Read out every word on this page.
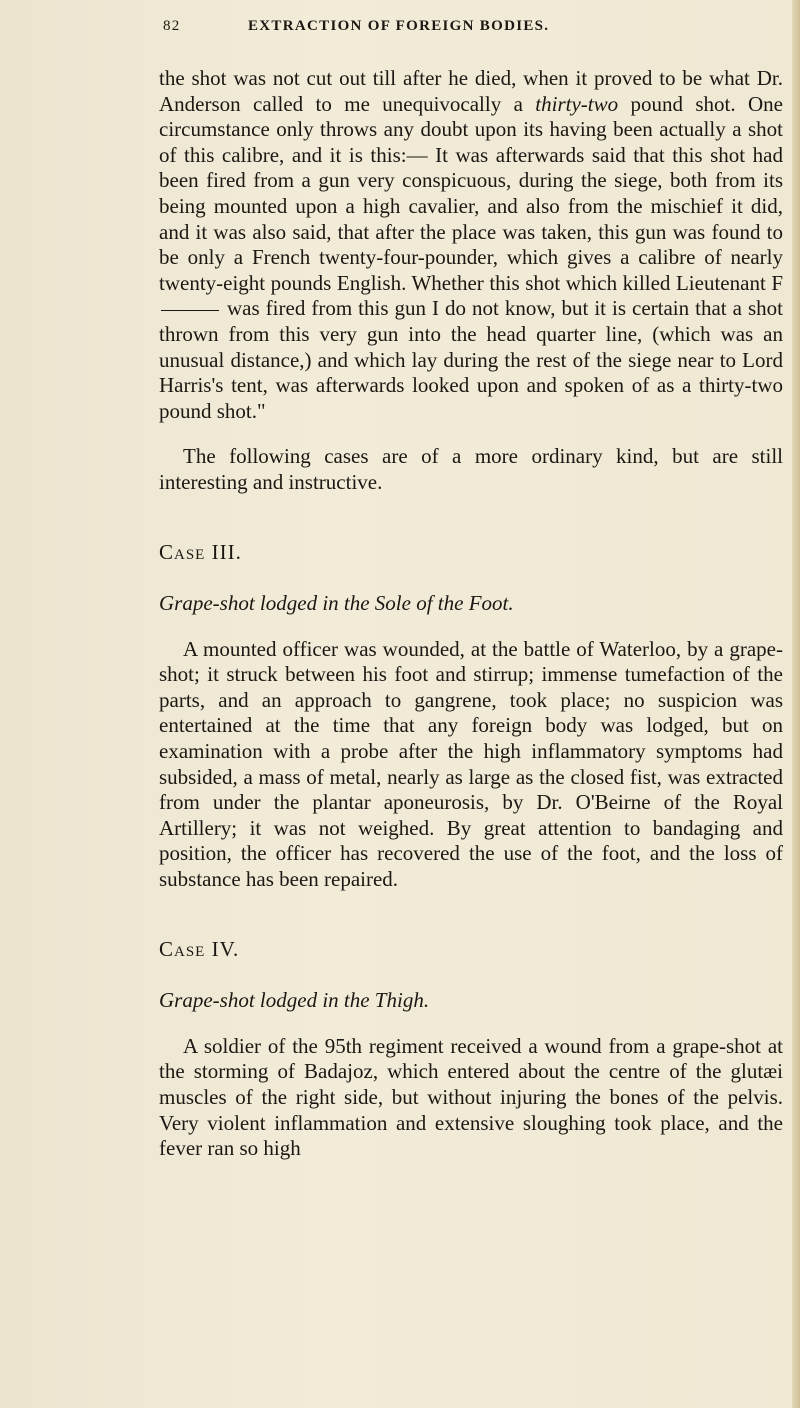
82	EXTRACTION OF FOREIGN BODIES.

the shot was not cut out till after he died, when it proved to be what Dr. Anderson called to me unequivocally a thirty-two pound shot. One circumstance only throws any doubt upon its having been actually a shot of this calibre, and it is this:— It was afterwards said that this shot had been fired from a gun very conspicuous, during the siege, both from its being mounted upon a high cavalier, and also from the mischief it did, and it was also said, that after the place was taken, this gun was found to be only a French twenty-four-pounder, which gives a calibre of nearly twenty-eight pounds English. Whether this shot which killed Lieutenant F was fired from this gun I do not know, but it is certain that a shot thrown from this very gun into the head quarter line, (which was an unusual distance,) and which lay during the rest of the siege near to Lord Harris's tent, was afterwards looked upon and spoken of as a thirty-two pound shot."

The following cases are of a more ordinary kind, but are still interesting and instructive.

Case III.

Grape-shot lodged in the Sole of the Foot.

A mounted officer was wounded, at the battle of Waterloo, by a grape-shot; it struck between his foot and stirrup; immense tumefaction of the parts, and an approach to gangrene, took place; no suspicion was entertained at the time that any foreign body was lodged, but on examination with a probe after the high inflammatory symptoms had subsided, a mass of metal, nearly as large as the closed fist, was extracted from under the plantar aponeurosis, by Dr. O'Beirne of the Royal Artillery; it was not weighed. By great attention to bandaging and position, the officer has recovered the use of the foot, and the loss of substance has been repaired.

Case IV.

Grape-shot lodged in the Thigh.

A soldier of the 95th regiment received a wound from a grape-shot at the storming of Badajoz, which entered about the centre of the glutæi muscles of the right side, but without injuring the bones of the pelvis. Very violent inflammation and extensive sloughing took place, and the fever ran so high
